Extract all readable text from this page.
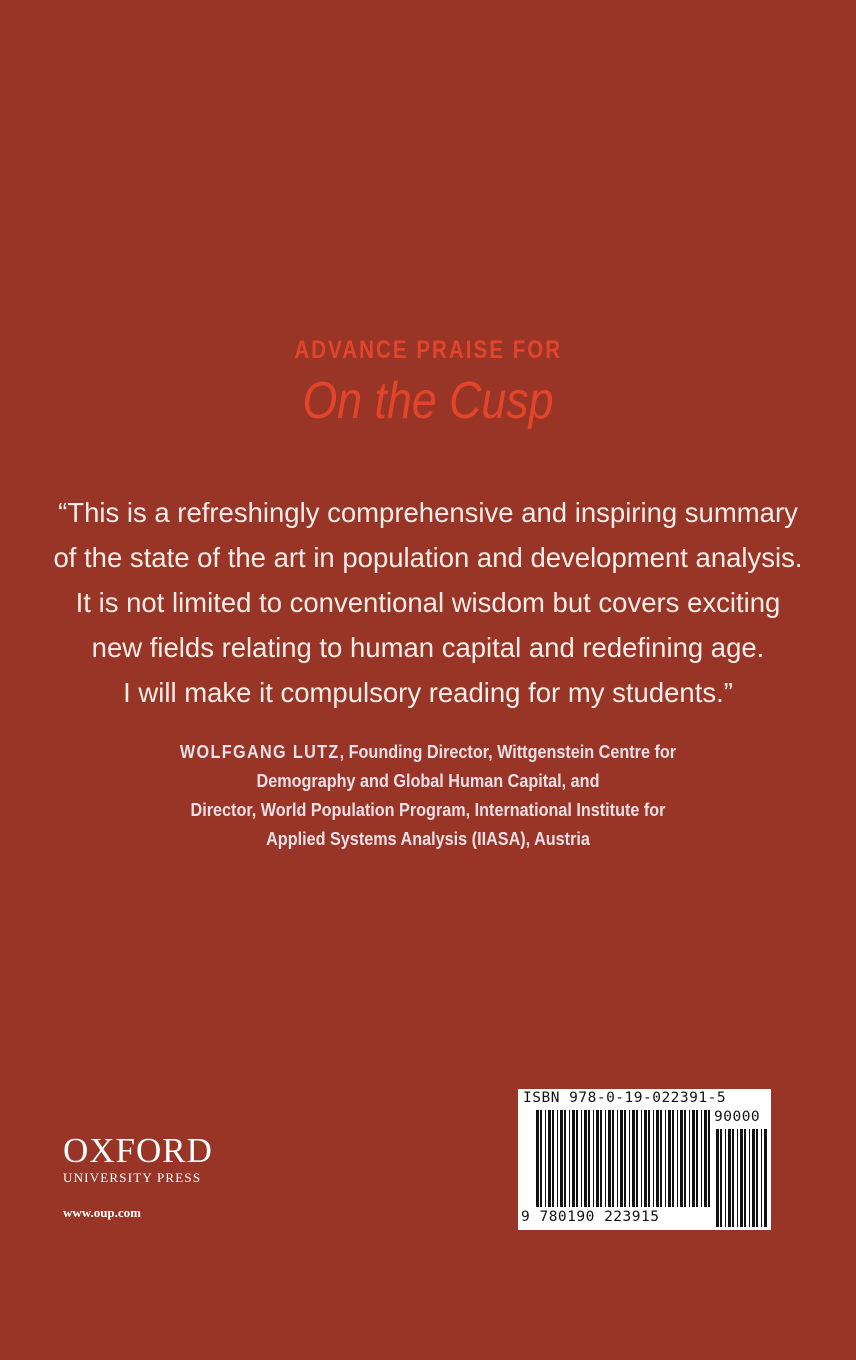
ADVANCE PRAISE FOR
On the Cusp
“This is a refreshingly comprehensive and inspiring summary
of the state of the art in population and development analysis.
It is not limited to conventional wisdom but covers exciting
new fields relating to human capital and redefining age.
I will make it compulsory reading for my students.”
WOLFGANG LUTZ, Founding Director, Wittgenstein Centre for
Demography and Global Human Capital, and
Director, World Population Program, International Institute for
Applied Systems Analysis (IIASA), Austria
OXFORD
UNIVERSITY PRESS
www.oup.com
ISBN 978-0-19-022391-5
90000
9 780190 223915
